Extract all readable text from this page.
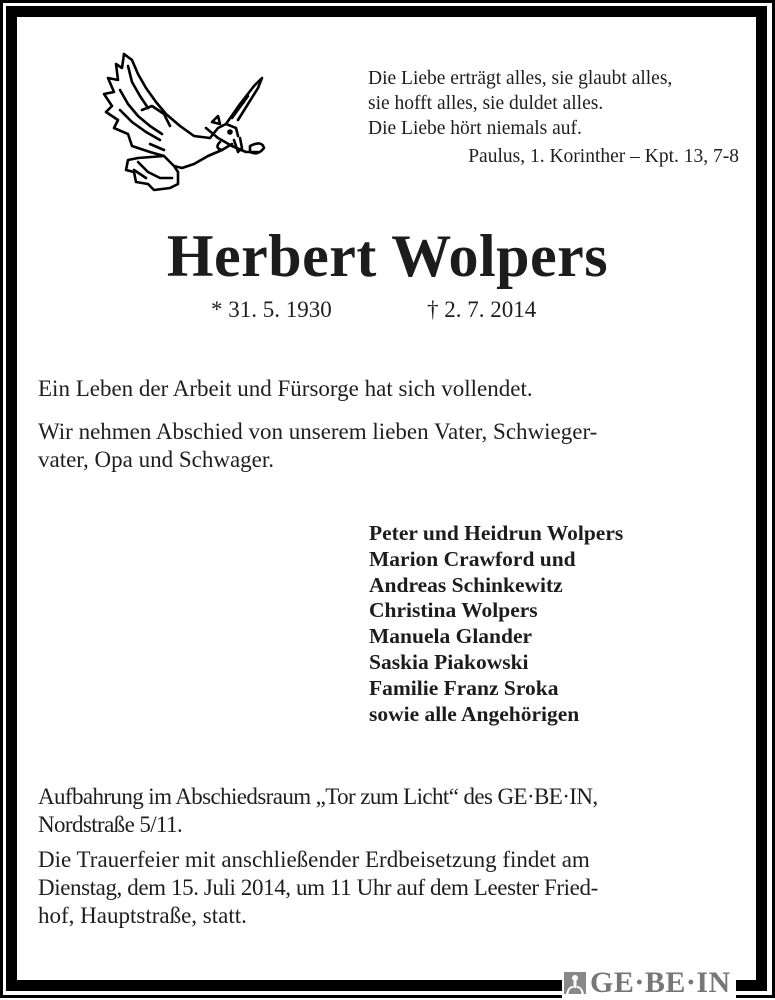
Die Liebe erträgt alles, sie glaubt alles,
sie hofft alles, sie duldet alles.
Die Liebe hört niemals auf.
Paulus, 1. Korinther – Kpt. 13, 7-8
Herbert Wolpers
* 31. 5. 1930	† 2. 7. 2014
Ein Leben der Arbeit und Fürsorge hat sich vollendet.
Wir nehmen Abschied von unserem lieben Vater, Schwieger-
vater, Opa und Schwager.
Peter und Heidrun Wolpers
Marion Crawford und
Andreas Schinkewitz
Christina Wolpers
Manuela Glander
Saskia Piakowski
Familie Franz Sroka
sowie alle Angehörigen
Aufbahrung im Abschiedsraum „Tor zum Licht“ des GE·BE·IN,
Nordstraße 5/11.
Die Trauerfeier mit anschließender Erdbeisetzung findet am
Dienstag, dem 15. Juli 2014, um 11 Uhr auf dem Leester Fried-
hof, Hauptstraße, statt.
GE·BE·IN
